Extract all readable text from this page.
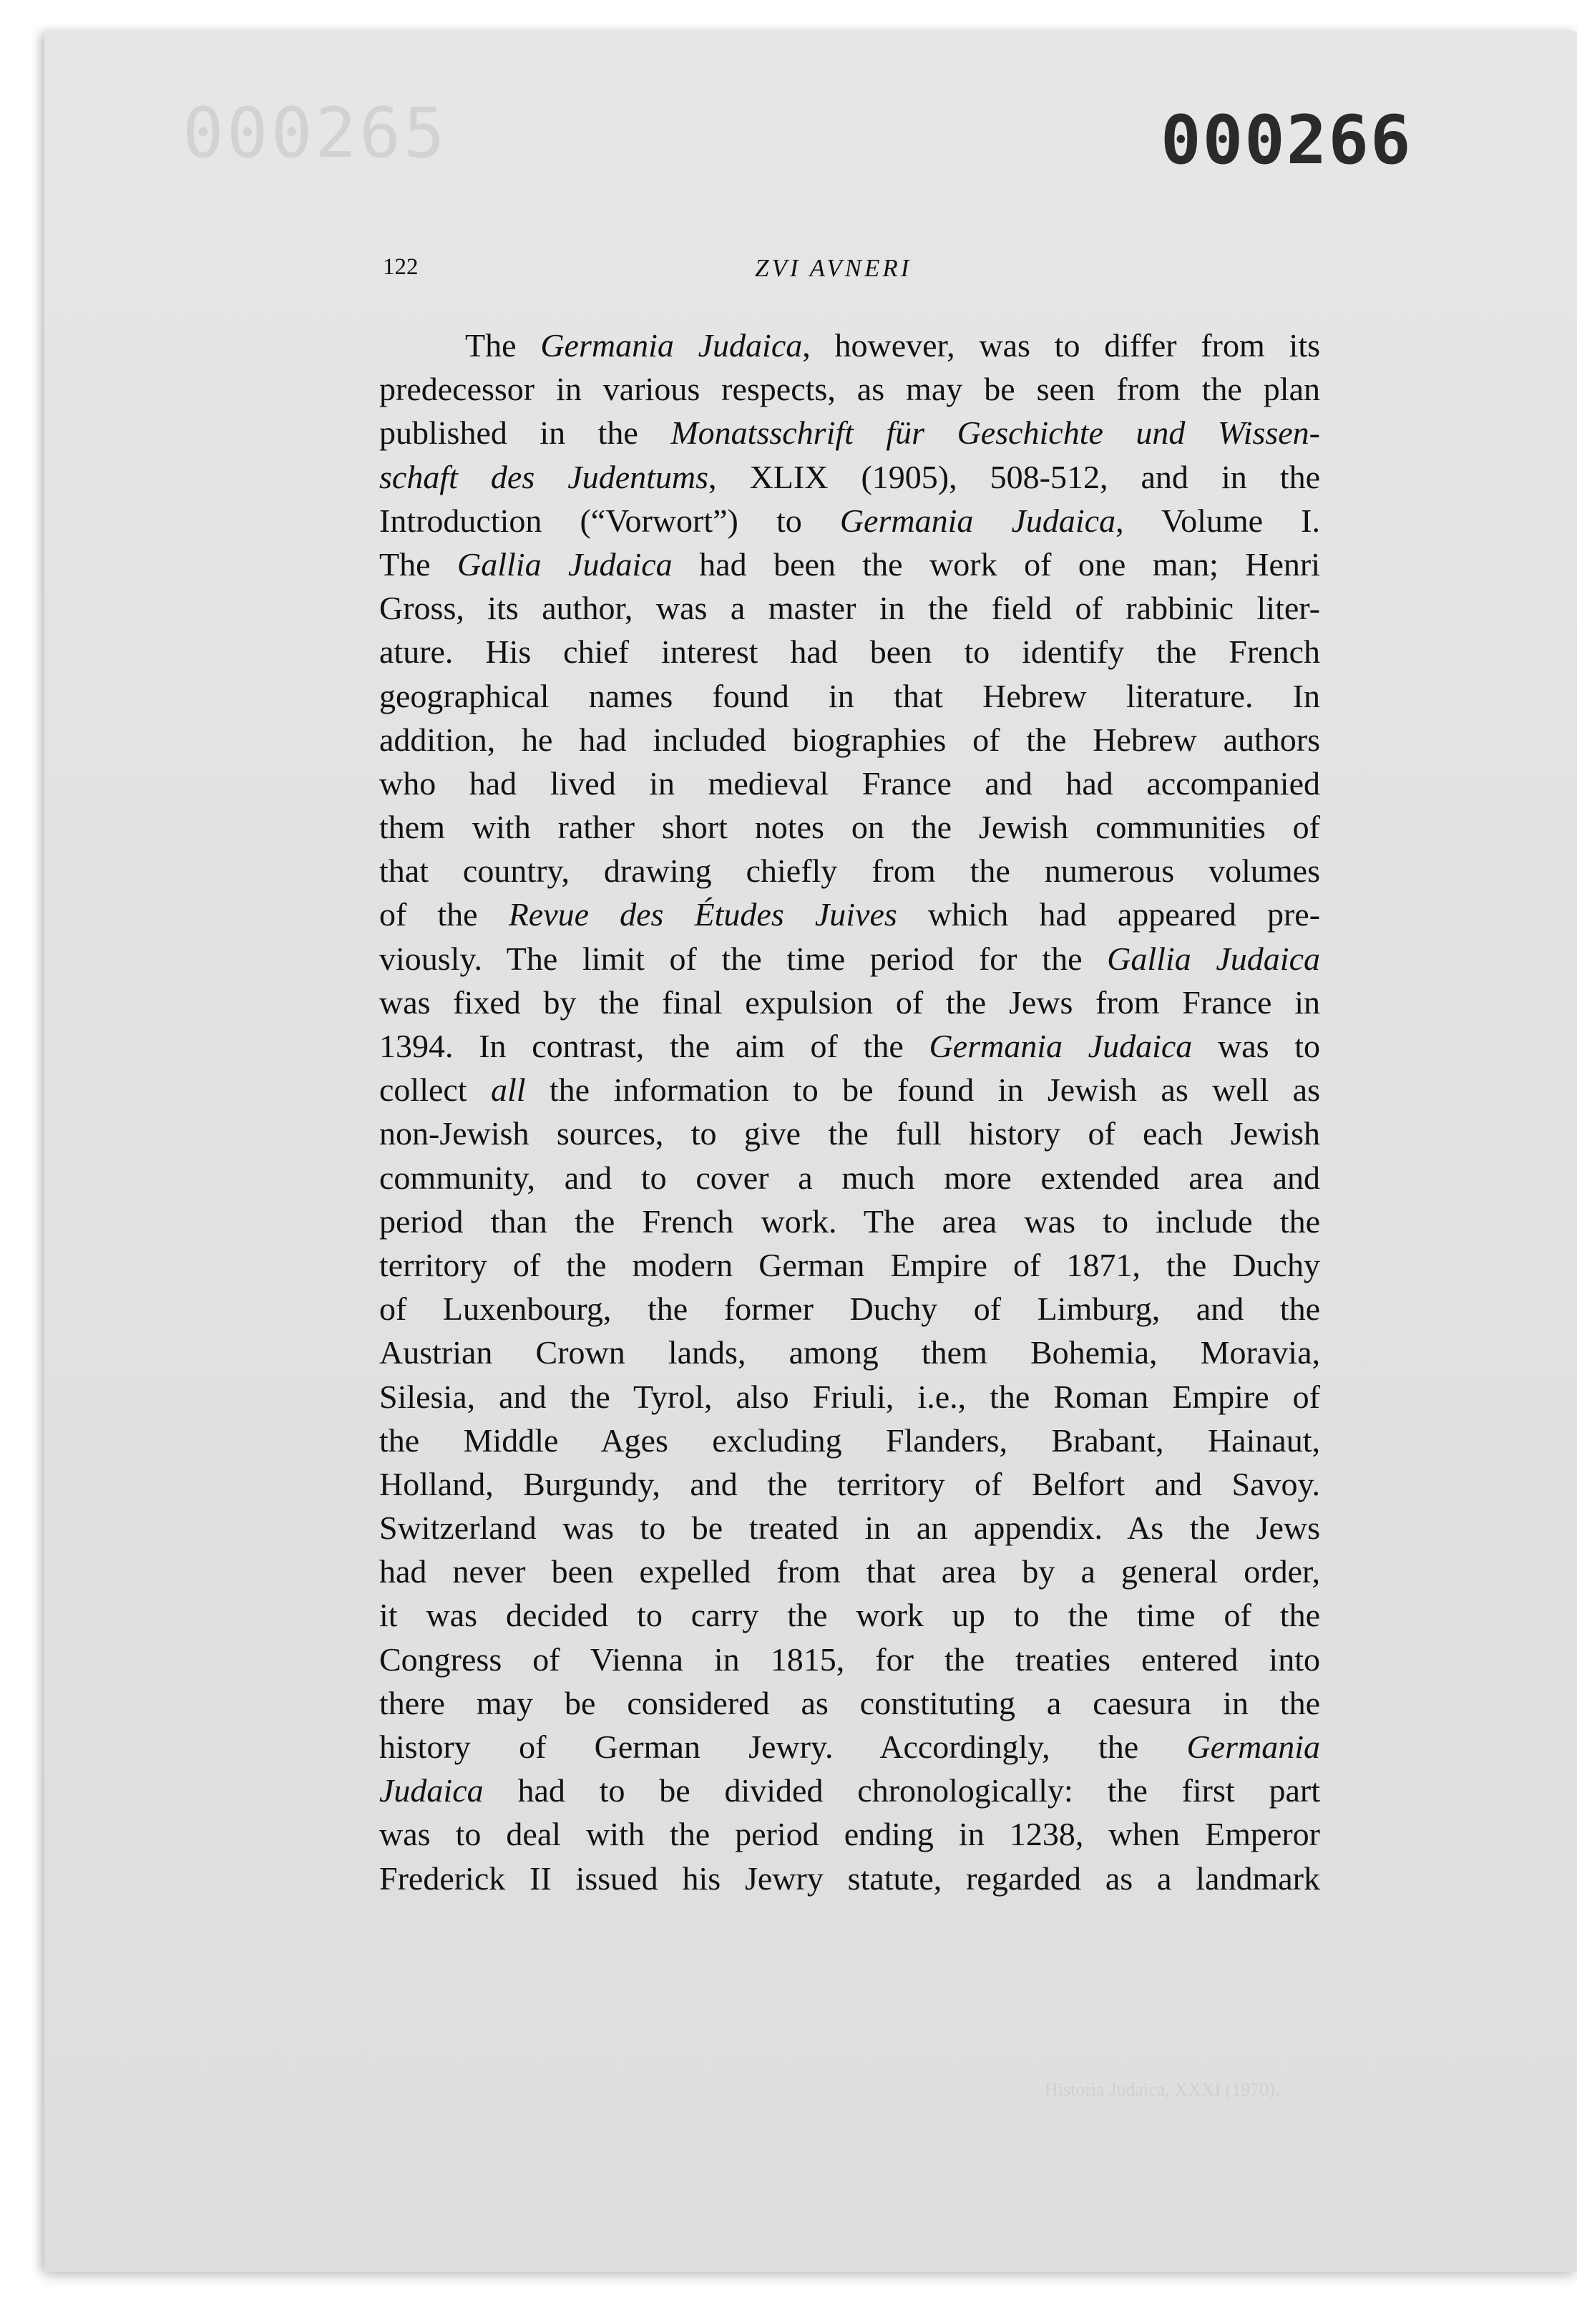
000265
Historia Judaica, XXXI (1970).
000266
122	ZVI AVNERI
The Germania Judaica, however, was to differ from its
predecessor in various respects, as may be seen from the plan
published in the Monatsschrift für Geschichte und Wissen-
schaft des Judentums, XLIX (1905), 508-512, and in the
Introduction (“Vorwort”) to Germania Judaica, Volume I.
The Gallia Judaica had been the work of one man; Henri
Gross, its author, was a master in the field of rabbinic liter-
ature. His chief interest had been to identify the French
geographical names found in that Hebrew literature. In
addition, he had included biographies of the Hebrew authors
who had lived in medieval France and had accompanied
them with rather short notes on the Jewish communities of
that country, drawing chiefly from the numerous volumes
of the Revue des Études Juives which had appeared pre-
viously. The limit of the time period for the Gallia Judaica
was fixed by the final expulsion of the Jews from France in
1394. In contrast, the aim of the Germania Judaica was to
collect all the information to be found in Jewish as well as
non-Jewish sources, to give the full history of each Jewish
community, and to cover a much more extended area and
period than the French work. The area was to include the
territory of the modern German Empire of 1871, the Duchy
of Luxenbourg, the former Duchy of Limburg, and the
Austrian Crown lands, among them Bohemia, Moravia,
Silesia, and the Tyrol, also Friuli, i.e., the Roman Empire of
the Middle Ages excluding Flanders, Brabant, Hainaut,
Holland, Burgundy, and the territory of Belfort and Savoy.
Switzerland was to be treated in an appendix. As the Jews
had never been expelled from that area by a general order,
it was decided to carry the work up to the time of the
Congress of Vienna in 1815, for the treaties entered into
there may be considered as constituting a caesura in the
history of German Jewry. Accordingly, the Germania
Judaica had to be divided chronologically: the first part
was to deal with the period ending in 1238, when Emperor
Frederick II issued his Jewry statute, regarded as a landmark
